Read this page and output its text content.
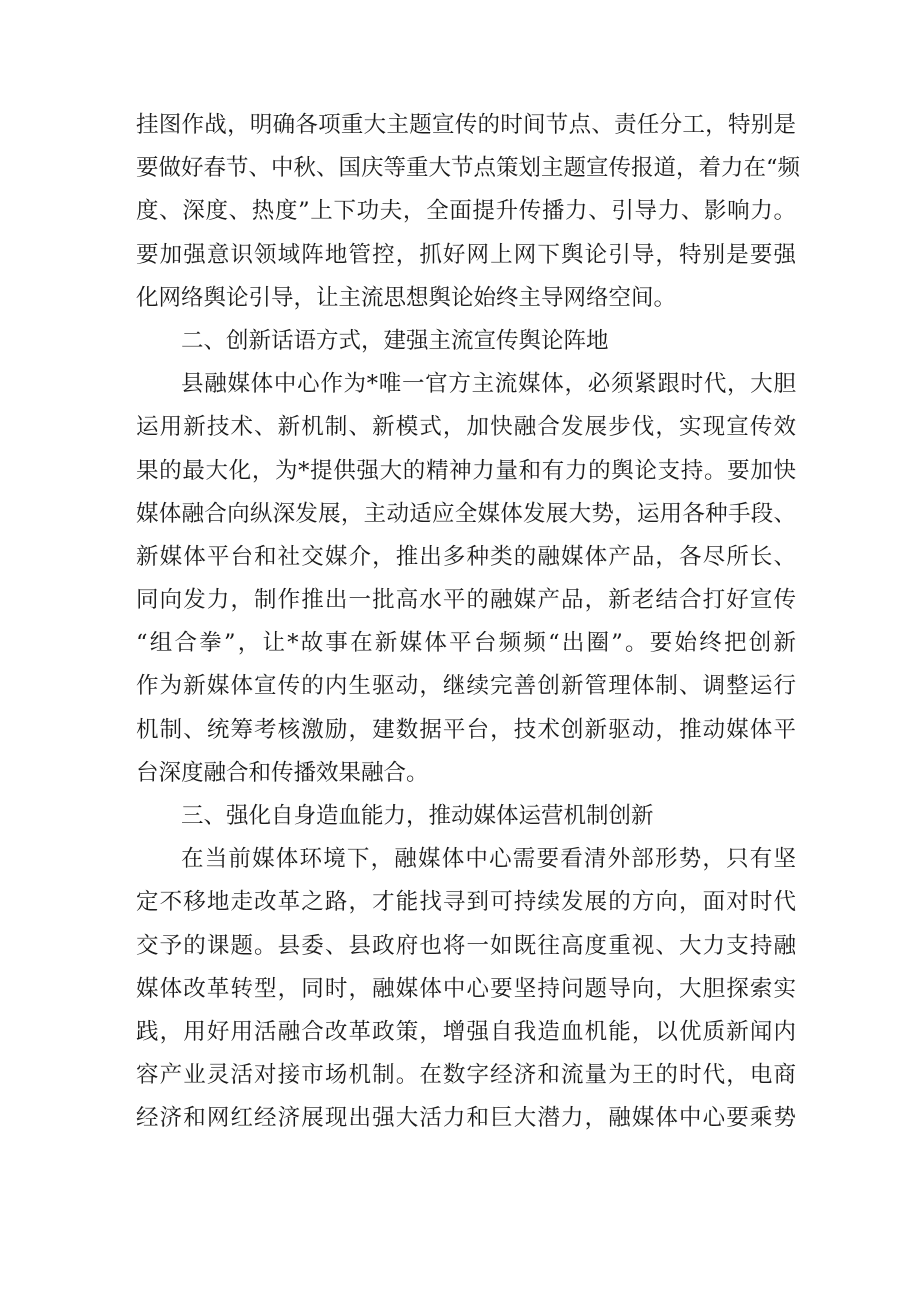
挂图作战，明确各项重大主题宣传的时间节点、责任分工，特别是
要做好春节、中秋、国庆等重大节点策划主题宣传报道，着力在“频
度、深度、热度”上下功夫，全面提升传播力、引导力、影响力。
要加强意识领域阵地管控，抓好网上网下舆论引导，特别是要强
化网络舆论引导，让主流思想舆论始终主导网络空间。
二、创新话语方式，建强主流宣传舆论阵地
县融媒体中心作为*唯一官方主流媒体，必须紧跟时代，大胆
运用新技术、新机制、新模式，加快融合发展步伐，实现宣传效
果的最大化，为*提供强大的精神力量和有力的舆论支持。要加快
媒体融合向纵深发展，主动适应全媒体发展大势，运用各种手段、
新媒体平台和社交媒介，推出多种类的融媒体产品，各尽所长、
同向发力，制作推出一批高水平的融媒产品，新老结合打好宣传
“组合拳”，让*故事在新媒体平台频频“出圈”。要始终把创新
作为新媒体宣传的内生驱动，继续完善创新管理体制、调整运行
机制、统筹考核激励，建数据平台，技术创新驱动，推动媒体平
台深度融合和传播效果融合。
三、强化自身造血能力，推动媒体运营机制创新
在当前媒体环境下，融媒体中心需要看清外部形势，只有坚
定不移地走改革之路，才能找寻到可持续发展的方向，面对时代
交予的课题。县委、县政府也将一如既往高度重视、大力支持融
媒体改革转型，同时，融媒体中心要坚持问题导向，大胆探索实
践，用好用活融合改革政策，增强自我造血机能，以优质新闻内
容产业灵活对接市场机制。在数字经济和流量为王的时代，电商
经济和网红经济展现出强大活力和巨大潜力，融媒体中心要乘势
